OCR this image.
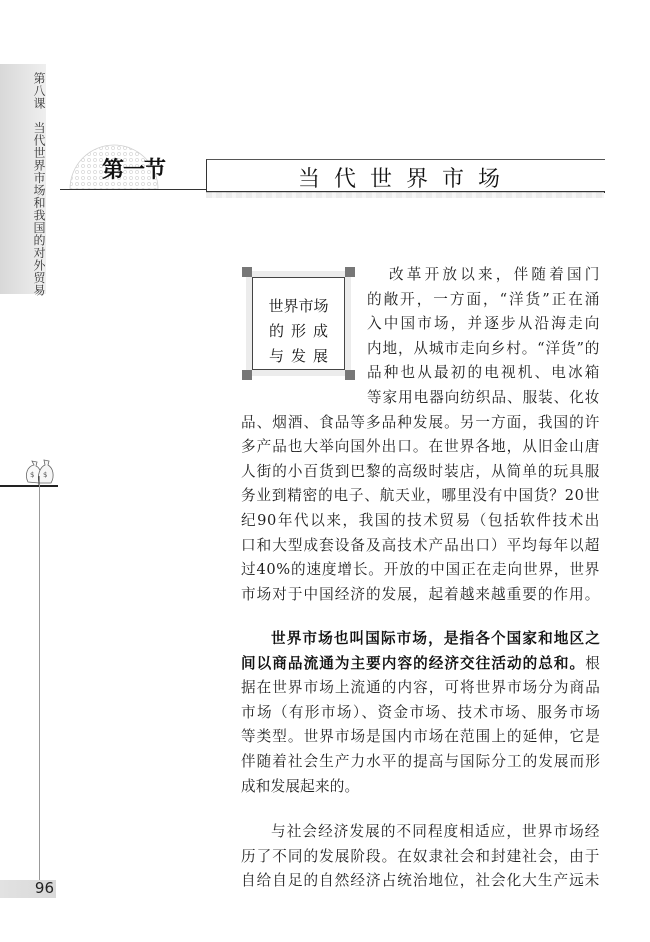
第八课当代世界市场和我国的对外贸易
$ $
96
第一节	当代世界市场
世界市场
的形成
与发展
改革开放以来，伴随着国门
的敞开，一方面，“洋货”正在涌
入中国市场，并逐步从沿海走向
内地，从城市走向乡村。“洋货”的
品种也从最初的电视机、电冰箱
等家用电器向纺织品、服装、化妆
品、烟酒、食品等多品种发展。另一方面，我国的许
多产品也大举向国外出口。在世界各地，从旧金山唐
人街的小百货到巴黎的高级时装店，从简单的玩具服
务业到精密的电子、航天业，哪里没有中国货？20世
纪90年代以来，我国的技术贸易（包括软件技术出
口和大型成套设备及高技术产品出口）平均每年以超
过40%的速度增长。开放的中国正在走向世界，世界
市场对于中国经济的发展，起着越来越重要的作用。
世界市场也叫国际市场，是指各个国家和地区之
间以商品流通为主要内容的经济交往活动的总和。根
据在世界市场上流通的内容，可将世界市场分为商品
市场（有形市场）、资金市场、技术市场、服务市场
等类型。世界市场是国内市场在范围上的延伸，它是
伴随着社会生产力水平的提高与国际分工的发展而形
成和发展起来的。
与社会经济发展的不同程度相适应，世界市场经
历了不同的发展阶段。在奴隶社会和封建社会，由于
自给自足的自然经济占统治地位，社会化大生产远未
